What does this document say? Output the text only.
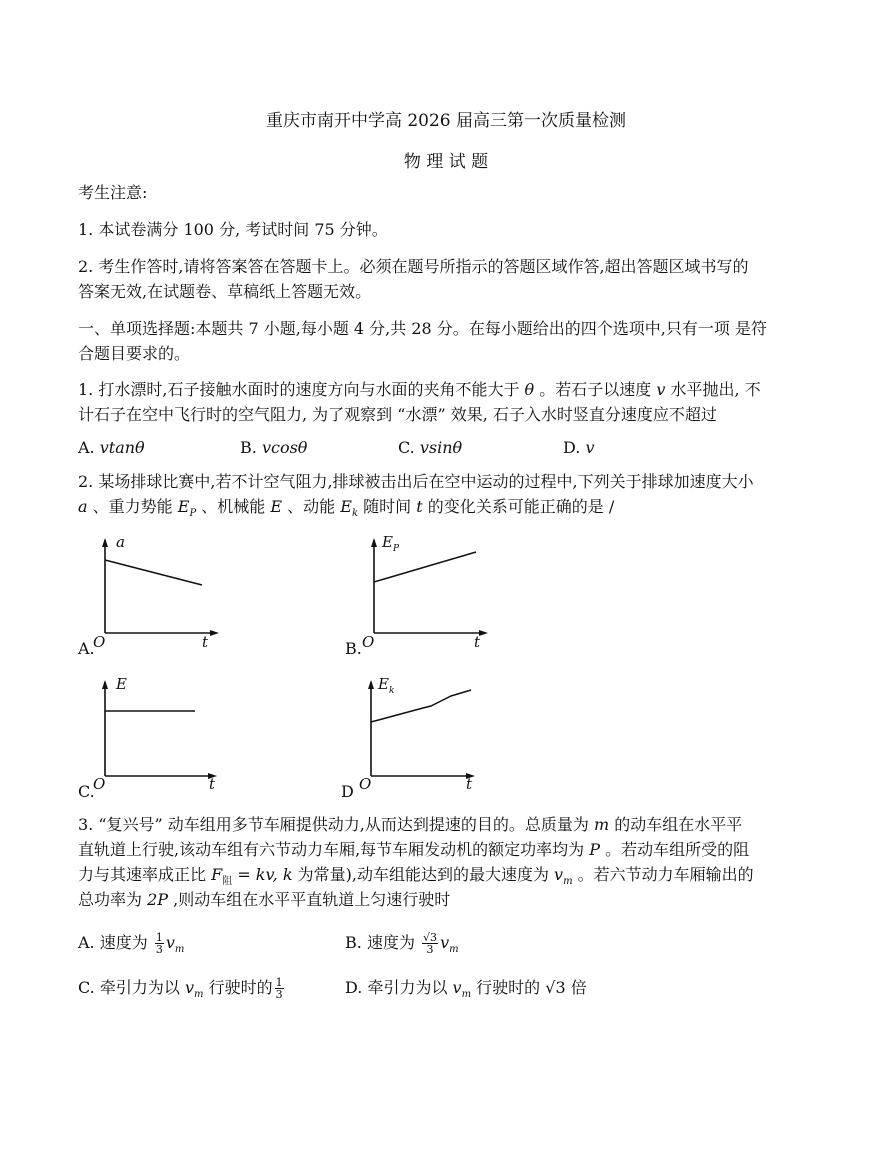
重庆市南开中学高 2026 届高三第一次质量检测
物 理 试 题
考生注意:
1. 本试卷满分 100 分, 考试时间 75 分钟。
2. 考生作答时,请将答案答在答题卡上。必须在题号所指示的答题区域作答,超出答题区域书写的
答案无效,在试题卷、草稿纸上答题无效。
一、单项选择题:本题共 7 小题,每小题 4 分,共 28 分。在每小题给出的四个选项中,只有一项 是符
合题目要求的。
1. 打水漂时,石子接触水面时的速度方向与水面的夹角不能大于 θ 。若石子以速度 v 水平抛出, 不
计石子在空中飞行时的空气阻力, 为了观察到 “水漂” 效果, 石子入水时竖直分速度应不超过
A. vtanθ	B. vcosθ	C. vsinθ	D. v
2. 某场排球比赛中,若不计空气阻力,排球被击出后在空中运动的过程中,下列关于排球加速度大小
a 、重力势能 $E_P$ 、机械能 E 、动能 $E_k$ 随时间 t 的变化关系可能正确的是 /
a
O	t
A.
$E_P$
O	t
B.
E
O	t
C.
$E_k$
O	t
D
3. “复兴号” 动车组用多节车厢提供动力,从而达到提速的目的。总质量为 m 的动车组在水平平
直轨道上行驶,该动车组有六节动力车厢,每节车厢发动机的额定功率均为 P 。若动车组所受的阻
力与其速率成正比 $F_阻$ = kv, k 为常量),动车组能达到的最大速度为 $v_m$ 。若六节动力车厢输出的
总功率为 2P ,则动车组在水平平直轨道上匀速行驶时
A. 速度为 $\frac{1}{3} v_m$	B. 速度为 $\frac{√3}{3} v_m$
C. 牵引力为以 $v_m$ 行驶时的 $\frac{1}{3}$	D. 牵引力为以 $v_m$ 行驶时的 √3 倍
